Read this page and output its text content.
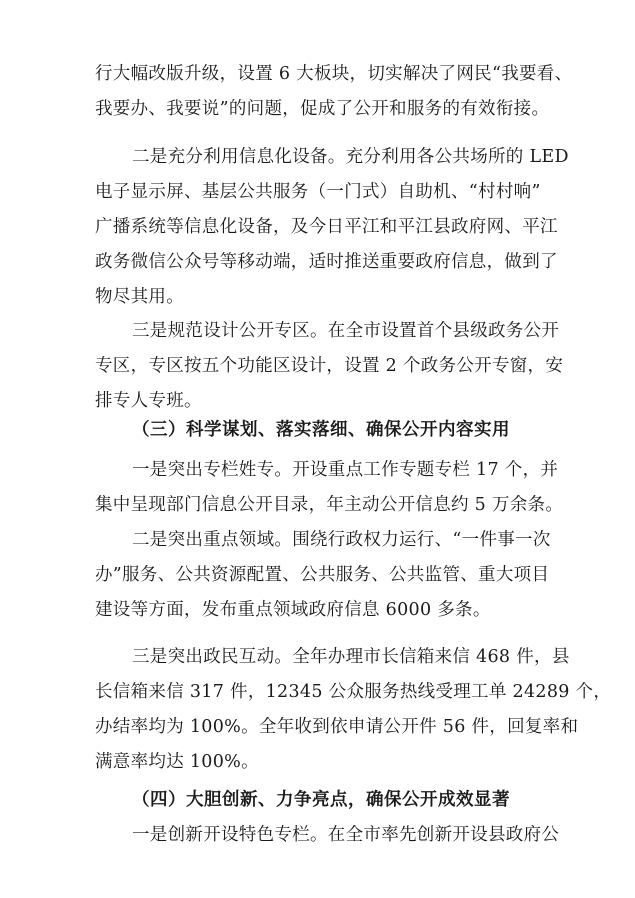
行大幅改版升级，设置 6 大板块，切实解决了网民“我要看、
我要办、我要说”的问题，促成了公开和服务的有效衔接。
二是充分利用信息化设备。充分利用各公共场所的 LED
电子显示屏、基层公共服务（一门式）自助机、“村村响”
广播系统等信息化设备，及今日平江和平江县政府网、平江
政务微信公众号等移动端，适时推送重要政府信息，做到了
物尽其用。
三是规范设计公开专区。在全市设置首个县级政务公开
专区，专区按五个功能区设计，设置 2 个政务公开专窗，安
排专人专班。
（三）科学谋划、落实落细、确保公开内容实用
一是突出专栏姓专。开设重点工作专题专栏 17 个，并
集中呈现部门信息公开目录，年主动公开信息约 5 万余条。
二是突出重点领域。围绕行政权力运行、“一件事一次
办”服务、公共资源配置、公共服务、公共监管、重大项目
建设等方面，发布重点领域政府信息 6000 多条。
三是突出政民互动。全年办理市长信箱来信 468 件，县
长信箱来信 317 件，12345 公众服务热线受理工单 24289 个，
办结率均为 100%。全年收到依申请公开件 56 件，回复率和
满意率均达 100%。
（四）大胆创新、力争亮点，确保公开成效显著
一是创新开设特色专栏。在全市率先创新开设县政府公
